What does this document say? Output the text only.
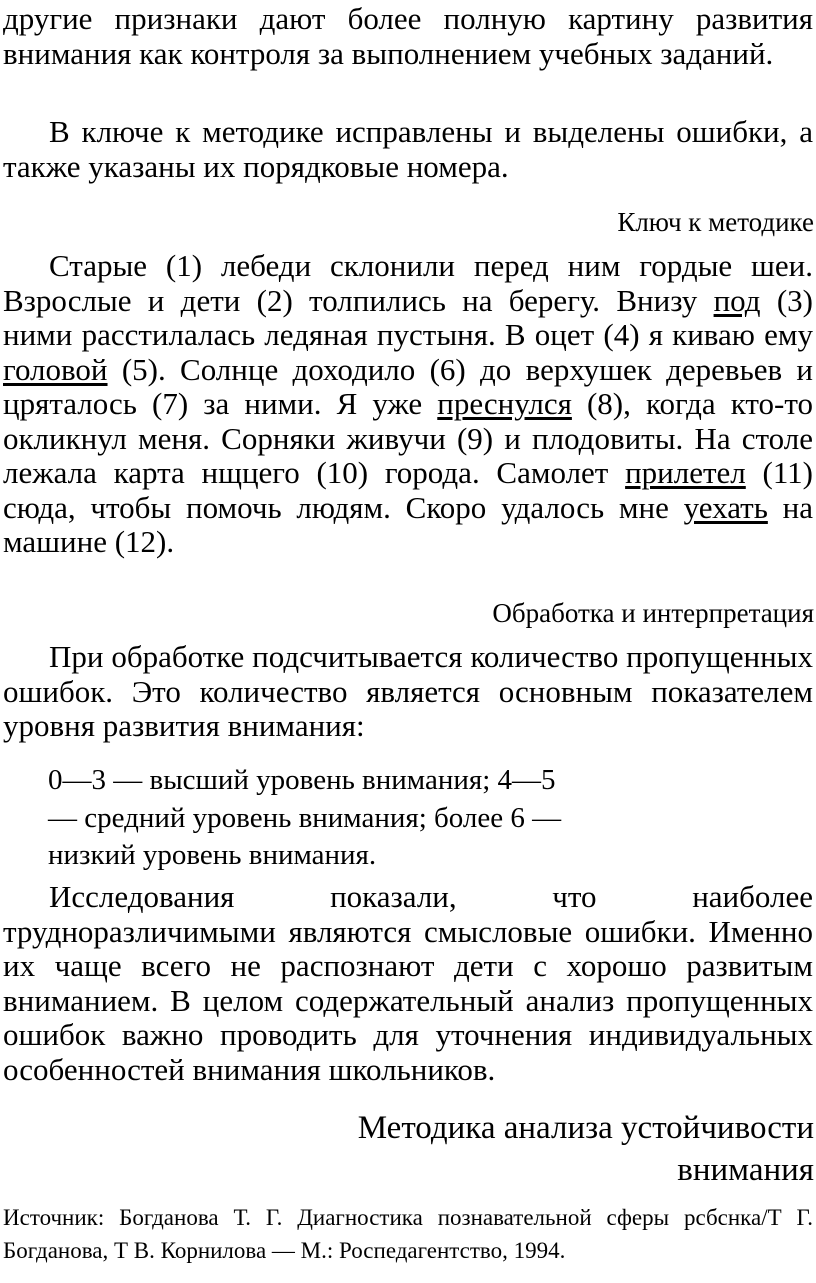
другие признаки дают более полную картину развития внимания как контроля за выполнением учебных заданий.

В ключе к методике исправлены и выделены ошибки, а также указаны их порядковые номера.

Ключ к методике

Старые (1) лебеди склонили перед ним гордые шеи. Взрослые и дети (2) толпились на берегу. Внизу под (3) ними расстилалась ледяная пустыня. В оцет (4) я киваю ему головой (5). Солнце доходило (6) до верхушек деревьев и цряталось (7) за ними. Я уже преснулся (8), когда кто-то окликнул меня. Сорняки живучи (9) и плодовиты. На столе лежала карта нщцего (10) города. Самолет прилетел (11) сюда, чтобы помочь людям. Скоро удалось мне уехать на машине (12).

Обработка и интерпретация

При обработке подсчитывается количество пропущенных ошибок. Это количество является основным показателем уровня развития внимания:

0—3 — высший уровень внимания; 4—5
— средний уровень внимания; более 6 —
низкий уровень внимания.

Исследования показали, что наиболее трудноразличимыми являются смысловые ошибки. Именно их чаще всего не распознают дети с хорошо развитым вниманием. В целом содержательный анализ пропущенных ошибок важно проводить для уточнения индивидуальных особенностей внимания школьников.

Методика анализа устойчивости
внимания

Источник: Богданова Т. Г. Диагностика познавательной сферы рсбснка/Т Г. Богданова, Т В. Корнилова — М.: Роспедагентство, 1994.
